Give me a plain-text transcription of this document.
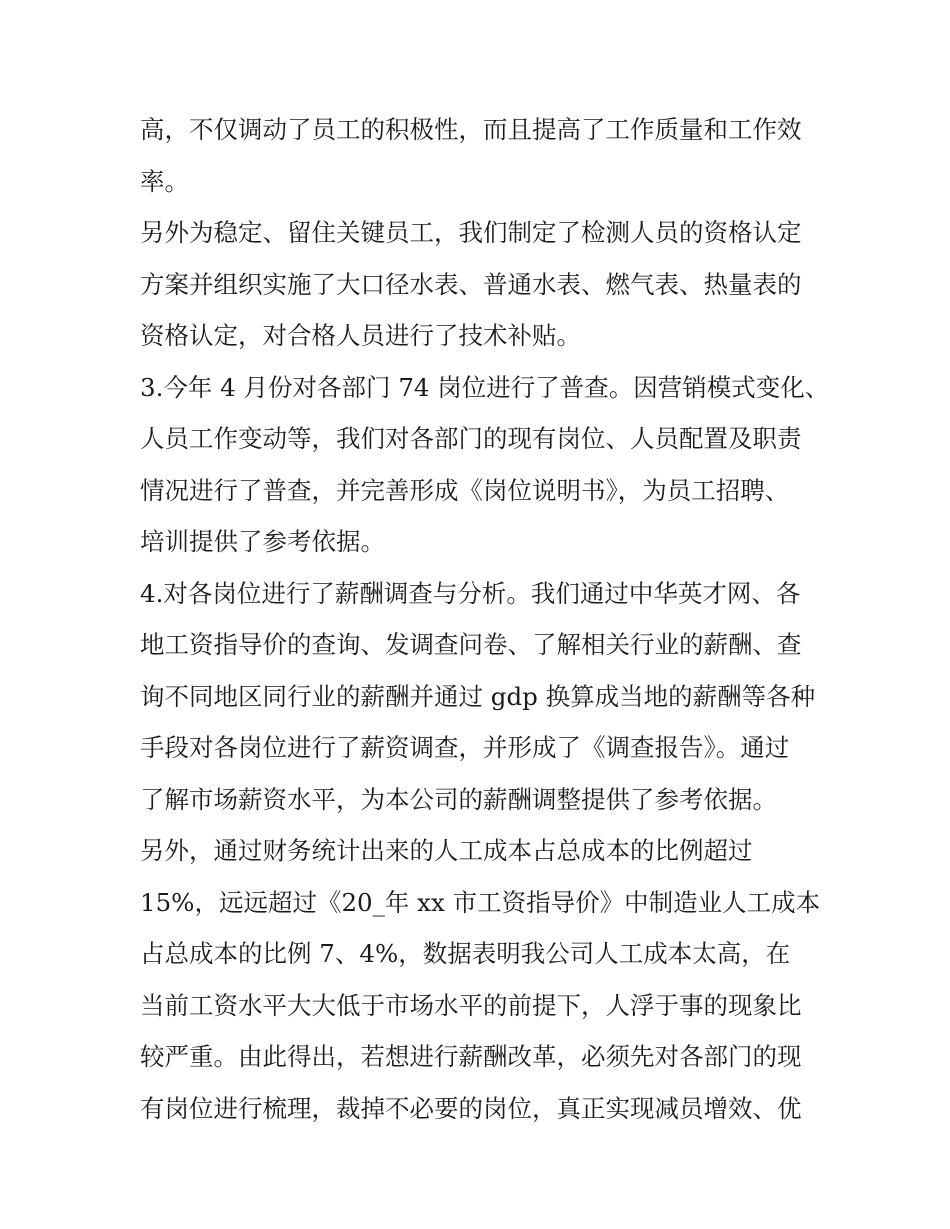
高，不仅调动了员工的积极性，而且提高了工作质量和工作效
率。
另外为稳定、留住关键员工，我们制定了检测人员的资格认定
方案并组织实施了大口径水表、普通水表、燃气表、热量表的
资格认定，对合格人员进行了技术补贴。
3.今年 4 月份对各部门 74 岗位进行了普查。因营销模式变化、
人员工作变动等，我们对各部门的现有岗位、人员配置及职责
情况进行了普查，并完善形成《岗位说明书》，为员工招聘、
培训提供了参考依据。
4.对各岗位进行了薪酬调查与分析。我们通过中华英才网、各
地工资指导价的查询、发调查问卷、了解相关行业的薪酬、查
询不同地区同行业的薪酬并通过 gdp 换算成当地的薪酬等各种
手段对各岗位进行了薪资调查，并形成了《调查报告》。通过
了解市场薪资水平，为本公司的薪酬调整提供了参考依据。
另外，通过财务统计出来的人工成本占总成本的比例超过
15%，远远超过《20_年 xx 市工资指导价》中制造业人工成本
占总成本的比例 7、4%，数据表明我公司人工成本太高，在
当前工资水平大大低于市场水平的前提下，人浮于事的现象比
较严重。由此得出，若想进行薪酬改革，必须先对各部门的现
有岗位进行梳理，裁掉不必要的岗位，真正实现减员增效、优
